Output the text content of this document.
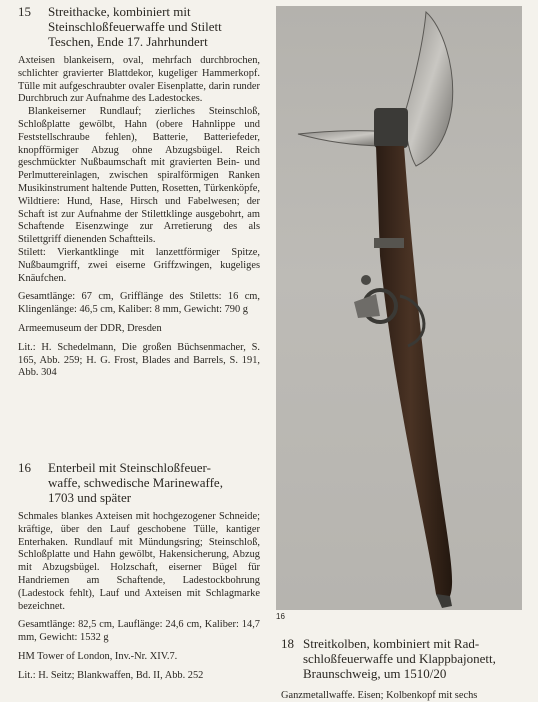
15 Streithacke, kombiniert mit
Steinschloßfeuerwaffe und Stilett
Teschen, Ende 17. Jahrhundert

Axteisen blankeisern, oval, mehrfach durchbrochen, schlichter gravierter Blattdekor, kugeliger Hammerkopf. Tülle mit aufgeschraubter ovaler Eisenplatte, darin runder Durchbruch zur Aufnahme des Ladestockes.

Blankeiserner Rundlauf; zierliches Steinschloß, Schloßplatte gewölbt, Hahn (obere Hahnlippe und Feststellschraube fehlen), Batterie, Batteriefeder, knopfförmiger Abzug ohne Abzugsbügel. Reich geschmückter Nußbaumschaft mit gravierten Bein- und Perlmuttereinlagen, zwischen spiralförmigen Ranken Musikinstrument haltende Putten, Rosetten, Türkenköpfe, Wildtiere: Hund, Hase, Hirsch und Fabelwesen; der Schaft ist zur Aufnahme der Stilettklinge ausgebohrt, am Schaftende Eisenzwinge zur Arretierung des als Stilettgriff dienenden Schaftteils.

Stilett: Vierkantklinge mit lanzettförmiger Spitze, Nußbaumgriff, zwei eiserne Griffzwingen, kugeliges Knäufchen.

Gesamtlänge: 67 cm, Grifflänge des Stiletts: 16 cm, Klingenlänge: 46,5 cm, Kaliber: 8 mm, Gewicht: 790 g

Armeemuseum der DDR, Dresden

Lit.: H. Schedelmann, Die großen Büchsenmacher, S. 165, Abb. 259; H. G. Frost, Blades and Barrels, S. 191, Abb. 304

16 Enterbeil mit Steinschloßfeuer-
waffe, schwedische Marinewaffe,
1703 und später

Schmales blankes Axteisen mit hochgezogener Schneide; kräftige, über den Lauf geschobene Tülle, kantiger Enterhaken. Rundlauf mit Mündungsring; Steinschloß, Schloßplatte und Hahn gewölbt, Hakensicherung, Abzug mit Abzugsbügel. Holzschaft, eiserner Bügel für Handriemen am Schaftende, Ladestockbohrung (Ladestock fehlt), Lauf und Axteisen mit Schlagmarke bezeichnet.

Gesamtlänge: 82,5 cm, Lauflänge: 24,6 cm, Kaliber: 14,7 mm, Gewicht: 1532 g

HM Tower of London, Inv.-Nr. XIV.7.

Lit.: H. Seitz; Blankwaffen, Bd. II, Abb. 252

16
18 Streitkolben, kombiniert mit Rad-
schloßfeuerwaffe und Klappbajonett,
Braunschweig, um 1510/20
Ganzmetallwaffe. Eisen; Kolbenkopf mit sechs
